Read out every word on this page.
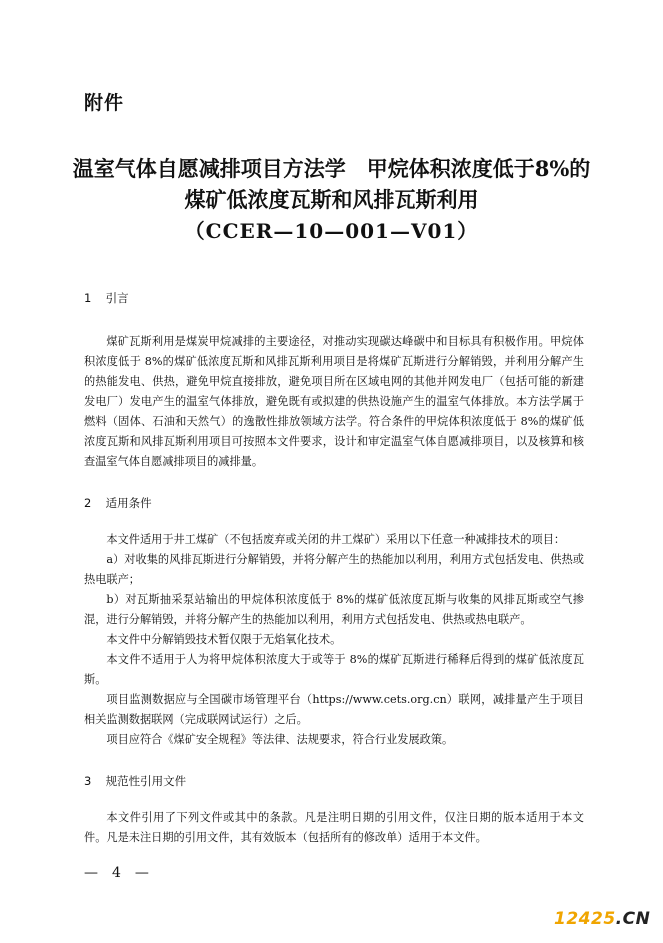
附件
温室气体自愿减排项目方法学　甲烷体积浓度低于8%的
煤矿低浓度瓦斯和风排瓦斯利用
（CCER—10—001—V01）
1 引言

煤矿瓦斯利用是煤炭甲烷减排的主要途径，对推动实现碳达峰碳中和目标具有积极作用。甲烷体积浓度低于 8%的煤矿低浓度瓦斯和风排瓦斯利用项目是将煤矿瓦斯进行分解销毁，并利用分解产生的热能发电、供热，避免甲烷直接排放，避免项目所在区域电网的其他并网发电厂（包括可能的新建发电厂）发电产生的温室气体排放，避免既有或拟建的供热设施产生的温室气体排放。本方法学属于燃料（固体、石油和天然气）的逸散性排放领域方法学。符合条件的甲烷体积浓度低于 8%的煤矿低浓度瓦斯和风排瓦斯利用项目可按照本文件要求，设计和审定温室气体自愿减排项目，以及核算和核查温室气体自愿减排项目的减排量。

2 适用条件

本文件适用于井工煤矿（不包括废弃或关闭的井工煤矿）采用以下任意一种减排技术的项目：

a）对收集的风排瓦斯进行分解销毁，并将分解产生的热能加以利用，利用方式包括发电、供热或热电联产；

b）对瓦斯抽采泵站输出的甲烷体积浓度低于 8%的煤矿低浓度瓦斯与收集的风排瓦斯或空气掺混，进行分解销毁，并将分解产生的热能加以利用，利用方式包括发电、供热或热电联产。

本文件中分解销毁技术暂仅限于无焰氧化技术。

本文件不适用于人为将甲烷体积浓度大于或等于 8%的煤矿瓦斯进行稀释后得到的煤矿低浓度瓦斯。

项目监测数据应与全国碳市场管理平台（https://www.cets.org.cn）联网，减排量产生于项目相关监测数据联网（完成联网试运行）之后。

项目应符合《煤矿安全规程》等法律、法规要求，符合行业发展政策。

3 规范性引用文件

本文件引用了下列文件或其中的条款。凡是注明日期的引用文件，仅注日期的版本适用于本文件。凡是未注日期的引用文件，其有效版本（包括所有的修改单）适用于本文件。

—　4　—
12425.CN
